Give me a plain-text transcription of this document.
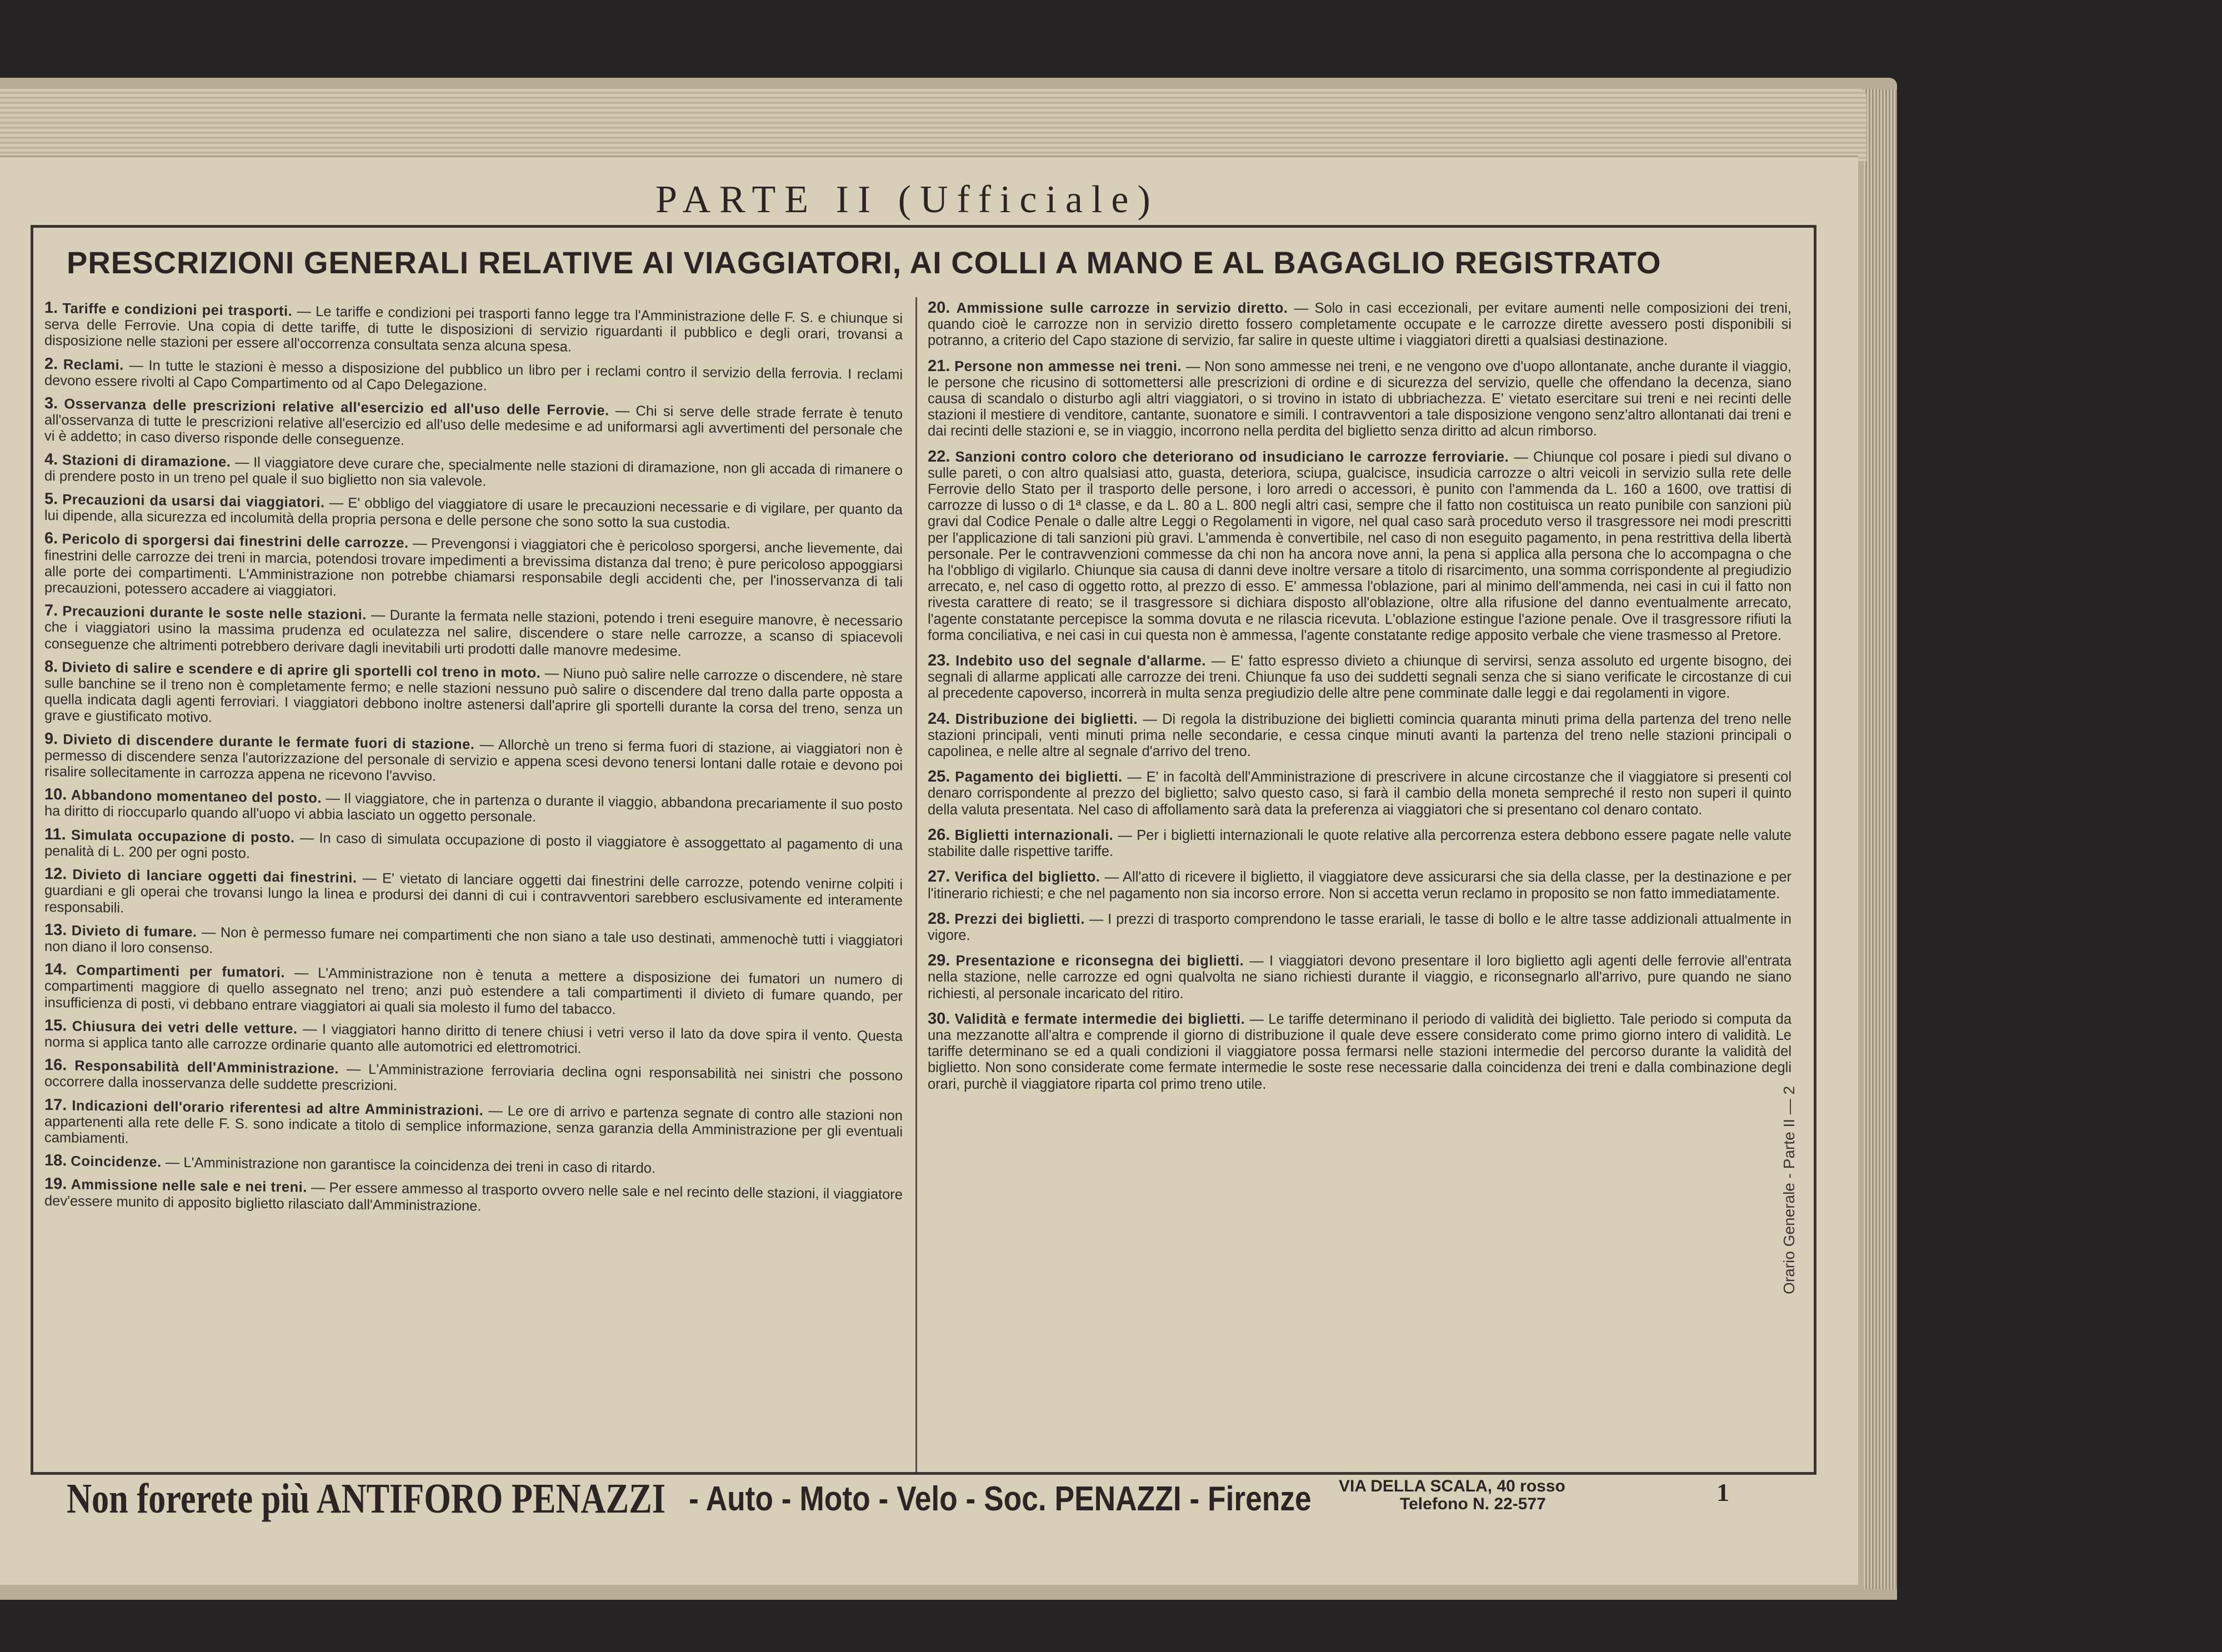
PARTE II (Ufficiale)
PRESCRIZIONI GENERALI RELATIVE AI VIAGGIATORI, AI COLLI A MANO E AL BAGAGLIO REGISTRATO
1. Tariffe e condizioni pei trasporti. — Le tariffe e condizioni pei trasporti fanno legge tra l'Amministrazione delle F. S. e chiunque si serva delle Ferrovie. Una copia di dette tariffe, di tutte le disposizioni di servizio riguardanti il pubblico e degli orari, trovansi a disposizione nelle stazioni per essere all'occorrenza consultata senza alcuna spesa.
2. Reclami. — In tutte le stazioni è messo a disposizione del pubblico un libro per i reclami contro il servizio della ferrovia. I reclami devono essere rivolti al Capo Compartimento od al Capo Delegazione.
3. Osservanza delle prescrizioni relative all'esercizio ed all'uso delle Ferrovie. — Chi si serve delle strade ferrate è tenuto all'osservanza di tutte le prescrizioni relative all'esercizio ed all'uso delle medesime e ad uniformarsi agli avvertimenti del personale che vi è addetto; in caso diverso risponde delle conseguenze.
4. Stazioni di diramazione. — Il viaggiatore deve curare che, specialmente nelle stazioni di diramazione, non gli accada di rimanere o di prendere posto in un treno pel quale il suo biglietto non sia valevole.
5. Precauzioni da usarsi dai viaggiatori. — E' obbligo del viaggiatore di usare le precauzioni necessarie e di vigilare, per quanto da lui dipende, alla sicurezza ed incolumità della propria persona e delle persone che sono sotto la sua custodia.
6. Pericolo di sporgersi dai finestrini delle carrozze. — Prevengonsi i viaggiatori che è pericoloso sporgersi, anche lievemente, dai finestrini delle carrozze dei treni in marcia, potendosi trovare impedimenti a brevissima distanza dal treno; è pure pericoloso appoggiarsi alle porte dei compartimenti. L'Amministrazione non potrebbe chiamarsi responsabile degli accidenti che, per l'inosservanza di tali precauzioni, potessero accadere ai viaggiatori.
7. Precauzioni durante le soste nelle stazioni. — Durante la fermata nelle stazioni, potendo i treni eseguire manovre, è necessario che i viaggiatori usino la massima prudenza ed oculatezza nel salire, discendere o stare nelle carrozze, a scanso di spiacevoli conseguenze che altrimenti potrebbero derivare dagli inevitabili urti prodotti dalle manovre medesime.
8. Divieto di salire e scendere e di aprire gli sportelli col treno in moto. — Niuno può salire nelle carrozze o discendere, nè stare sulle banchine se il treno non è completamente fermo; e nelle stazioni nessuno può salire o discendere dal treno dalla parte opposta a quella indicata dagli agenti ferroviari. I viaggiatori debbono inoltre astenersi dall'aprire gli sportelli durante la corsa del treno, senza un grave e giustificato motivo.
9. Divieto di discendere durante le fermate fuori di stazione. — Allorchè un treno si ferma fuori di stazione, ai viaggiatori non è permesso di discendere senza l'autorizzazione del personale di servizio e appena scesi devono tenersi lontani dalle rotaie e devono poi risalire sollecitamente in carrozza appena ne ricevono l'avviso.
10. Abbandono momentaneo del posto. — Il viaggiatore, che in partenza o durante il viaggio, abbandona precariamente il suo posto ha diritto di rioccuparlo quando all'uopo vi abbia lasciato un oggetto personale.
11. Simulata occupazione di posto. — In caso di simulata occupazione di posto il viaggiatore è assoggettato al pagamento di una penalità di L. 200 per ogni posto.
12. Divieto di lanciare oggetti dai finestrini. — E' vietato di lanciare oggetti dai finestrini delle carrozze, potendo venirne colpiti i guardiani e gli operai che trovansi lungo la linea e prodursi dei danni di cui i contravventori sarebbero esclusivamente ed interamente responsabili.
13. Divieto di fumare. — Non è permesso fumare nei compartimenti che non siano a tale uso destinati, ammenochè tutti i viaggiatori non diano il loro consenso.
14. Compartimenti per fumatori. — L'Amministrazione non è tenuta a mettere a disposizione dei fumatori un numero di compartimenti maggiore di quello assegnato nel treno; anzi può estendere a tali compartimenti il divieto di fumare quando, per insufficienza di posti, vi debbano entrare viaggiatori ai quali sia molesto il fumo del tabacco.
15. Chiusura dei vetri delle vetture. — I viaggiatori hanno diritto di tenere chiusi i vetri verso il lato da dove spira il vento. Questa norma si applica tanto alle carrozze ordinarie quanto alle automotrici ed elettromotrici.
16. Responsabilità dell'Amministrazione. — L'Amministrazione ferroviaria declina ogni responsabilità nei sinistri che possono occorrere dalla inosservanza delle suddette prescrizioni.
17. Indicazioni dell'orario riferentesi ad altre Amministrazioni. — Le ore di arrivo e partenza segnate di contro alle stazioni non appartenenti alla rete delle F. S. sono indicate a titolo di semplice informazione, senza garanzia della Amministrazione per gli eventuali cambiamenti.
18. Coincidenze. — L'Amministrazione non garantisce la coincidenza dei treni in caso di ritardo.
19. Ammissione nelle sale e nei treni. — Per essere ammesso al trasporto ovvero nelle sale e nel recinto delle stazioni, il viaggiatore dev'essere munito di apposito biglietto rilasciato dall'Amministrazione.
20. Ammissione sulle carrozze in servizio diretto. — Solo in casi eccezionali, per evitare aumenti nelle composizioni dei treni, quando cioè le carrozze non in servizio diretto fossero completamente occupate e le carrozze dirette avessero posti disponibili si potranno, a criterio del Capo stazione di servizio, far salire in queste ultime i viaggiatori diretti a qualsiasi destinazione.
21. Persone non ammesse nei treni. — Non sono ammesse nei treni, e ne vengono ove d'uopo allontanate, anche durante il viaggio, le persone che ricusino di sottomettersi alle prescrizioni di ordine e di sicurezza del servizio, quelle che offendano la decenza, siano causa di scandalo o disturbo agli altri viaggiatori, o si trovino in istato di ubbriachezza. E' vietato esercitare sui treni e nei recinti delle stazioni il mestiere di venditore, cantante, suonatore e simili. I contravventori a tale disposizione vengono senz'altro allontanati dai treni e dai recinti delle stazioni e, se in viaggio, incorrono nella perdita del biglietto senza diritto ad alcun rimborso.
22. Sanzioni contro coloro che deteriorano od insudiciano le carrozze ferroviarie. — Chiunque col posare i piedi sul divano o sulle pareti, o con altro qualsiasi atto, guasta, deteriora, sciupa, gualcisce, insudicia carrozze o altri veicoli in servizio sulla rete delle Ferrovie dello Stato per il trasporto delle persone, i loro arredi o accessori, è punito con l'ammenda da L. 160 a 1600, ove trattisi di carrozze di lusso o di 1ª classe, e da L. 80 a L. 800 negli altri casi, sempre che il fatto non costituisca un reato punibile con sanzioni più gravi dal Codice Penale o dalle altre Leggi o Regolamenti in vigore, nel qual caso sarà proceduto verso il trasgressore nei modi prescritti per l'applicazione di tali sanzioni più gravi. L'ammenda è convertibile, nel caso di non eseguito pagamento, in pena restrittiva della libertà personale. Per le contravvenzioni commesse da chi non ha ancora nove anni, la pena si applica alla persona che lo accompagna o che ha l'obbligo di vigilarlo. Chiunque sia causa di danni deve inoltre versare a titolo di risarcimento, una somma corrispondente al pregiudizio arrecato, e, nel caso di oggetto rotto, al prezzo di esso. E' ammessa l'oblazione, pari al minimo dell'ammenda, nei casi in cui il fatto non rivesta carattere di reato; se il trasgressore si dichiara disposto all'oblazione, oltre alla rifusione del danno eventualmente arrecato, l'agente constatante percepisce la somma dovuta e ne rilascia ricevuta. L'oblazione estingue l'azione penale. Ove il trasgressore rifiuti la forma conciliativa, e nei casi in cui questa non è ammessa, l'agente constatante redige apposito verbale che viene trasmesso al Pretore.
23. Indebito uso del segnale d'allarme. — E' fatto espresso divieto a chiunque di servirsi, senza assoluto ed urgente bisogno, dei segnali di allarme applicati alle carrozze dei treni. Chiunque fa uso dei suddetti segnali senza che si siano verificate le circostanze di cui al precedente capoverso, incorrerà in multa senza pregiudizio delle altre pene comminate dalle leggi e dai regolamenti in vigore.
24. Distribuzione dei biglietti. — Di regola la distribuzione dei biglietti comincia quaranta minuti prima della partenza del treno nelle stazioni principali, venti minuti prima nelle secondarie, e cessa cinque minuti avanti la partenza del treno nelle stazioni principali o capolinea, e nelle altre al segnale d'arrivo del treno.
25. Pagamento dei biglietti. — E' in facoltà dell'Amministrazione di prescrivere in alcune circostanze che il viaggiatore si presenti col denaro corrispondente al prezzo del biglietto; salvo questo caso, si farà il cambio della moneta sempreché il resto non superi il quinto della valuta presentata. Nel caso di affollamento sarà data la preferenza ai viaggiatori che si presentano col denaro contato.
26. Biglietti internazionali. — Per i biglietti internazionali le quote relative alla percorrenza estera debbono essere pagate nelle valute stabilite dalle rispettive tariffe.
27. Verifica del biglietto. — All'atto di ricevere il biglietto, il viaggiatore deve assicurarsi che sia della classe, per la destinazione e per l'itinerario richiesti; e che nel pagamento non sia incorso errore. Non si accetta verun reclamo in proposito se non fatto immediatamente.
28. Prezzi dei biglietti. — I prezzi di trasporto comprendono le tasse erariali, le tasse di bollo e le altre tasse addizionali attualmente in vigore.
29. Presentazione e riconsegna dei biglietti. — I viaggiatori devono presentare il loro biglietto agli agenti delle ferrovie all'entrata nella stazione, nelle carrozze ed ogni qualvolta ne siano richiesti durante il viaggio, e riconsegnarlo all'arrivo, pure quando ne siano richiesti, al personale incaricato del ritiro.
30. Validità e fermate intermedie dei biglietti. — Le tariffe determinano il periodo di validità dei biglietto. Tale periodo si computa da una mezzanotte all'altra e comprende il giorno di distribuzione il quale deve essere considerato come primo giorno intero di validità. Le tariffe determinano se ed a quali condizioni il viaggiatore possa fermarsi nelle stazioni intermedie del percorso durante la validità del biglietto. Non sono considerate come fermate intermedie le soste rese necessarie dalla coincidenza dei treni e dalla combinazione degli orari, purchè il viaggiatore riparta col primo treno utile.
Non forerete più ANTIFORO PENAZZI - Auto - Moto - Velo - Soc. PENAZZI - Firenze VIA DELLA SCALA, 40 rosso
Telefono N. 22-577	1
Orario Generale - Parte II — 2
